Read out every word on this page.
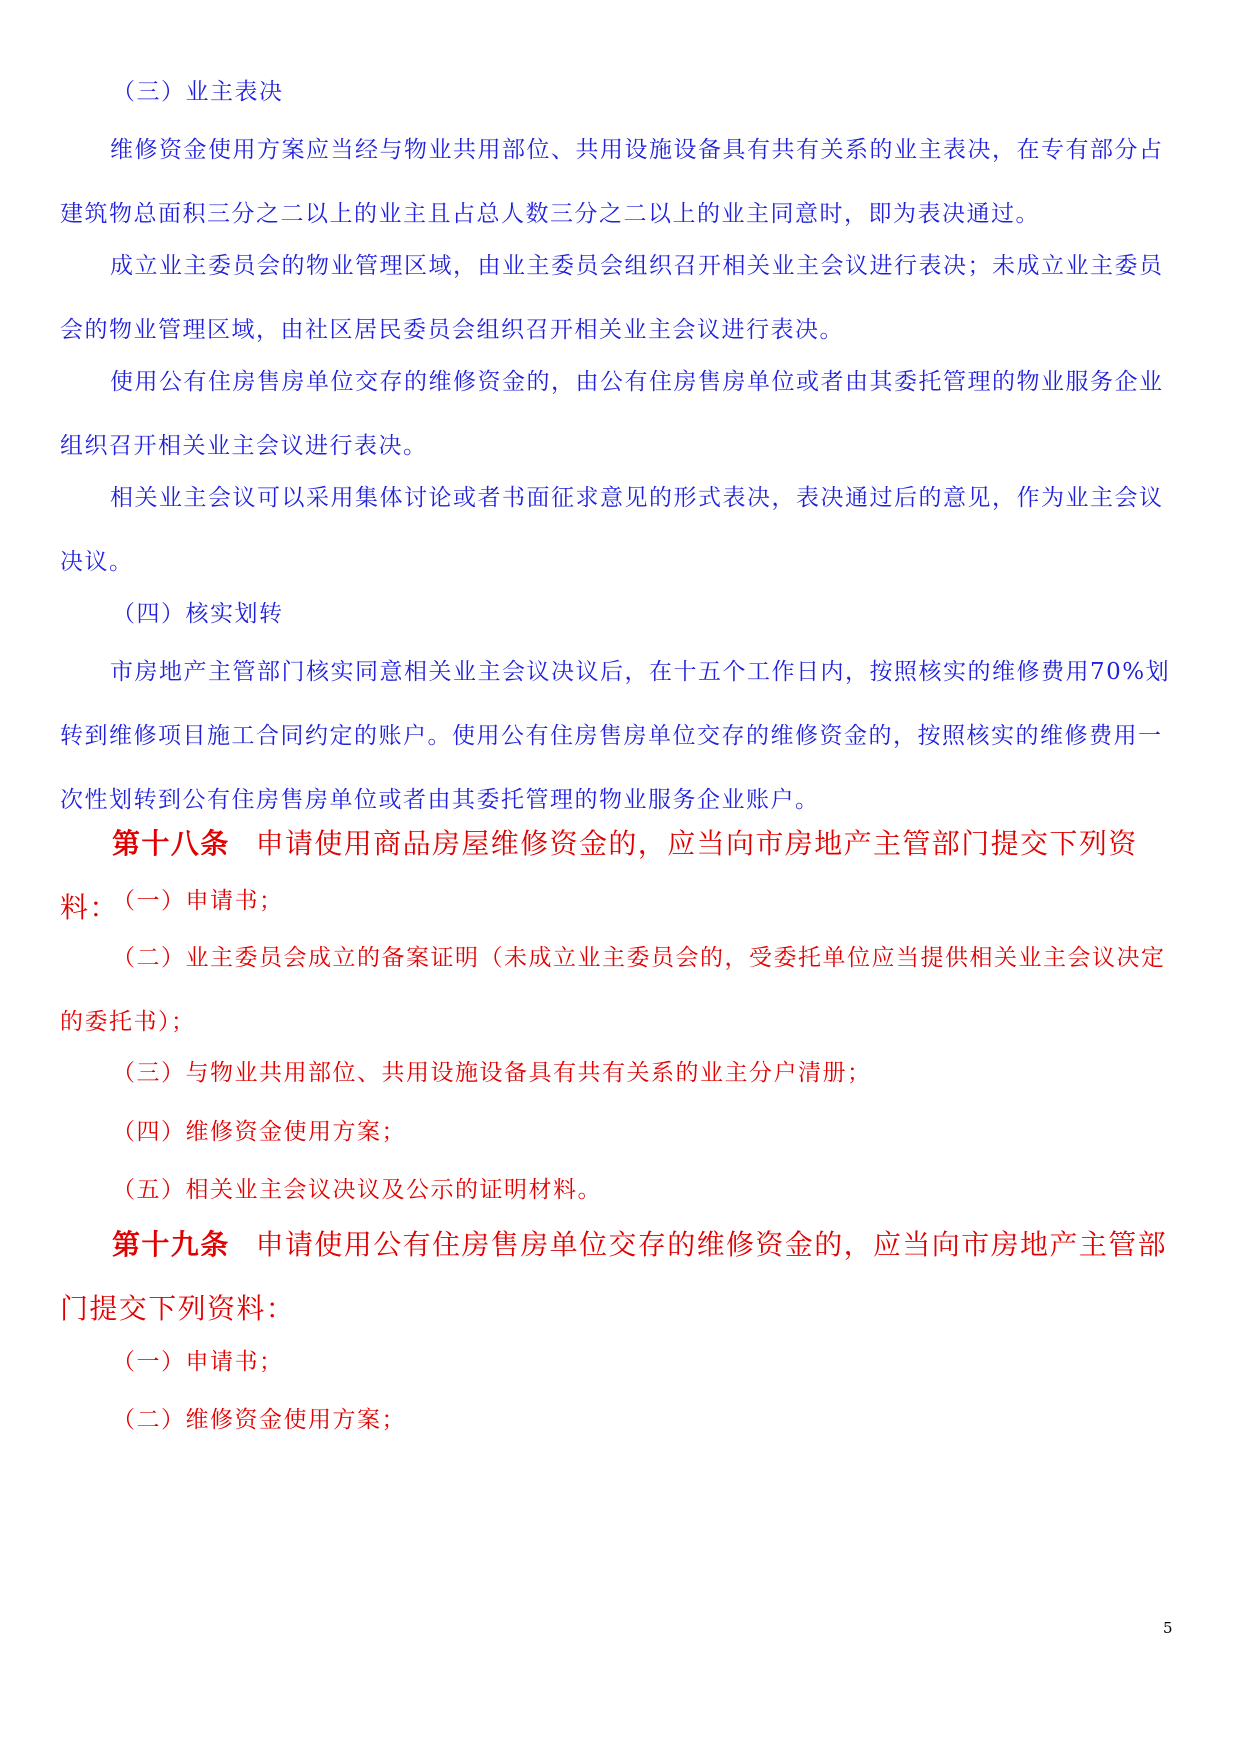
（三）业主表决

维修资金使用方案应当经与物业共用部位、共用设施设备具有共有关系的业主表决，在专有部分占建筑物总面积三分之二以上的业主且占总人数三分之二以上的业主同意时，即为表决通过。

成立业主委员会的物业管理区域，由业主委员会组织召开相关业主会议进行表决；未成立业主委员会的物业管理区域，由社区居民委员会组织召开相关业主会议进行表决。

使用公有住房售房单位交存的维修资金的，由公有住房售房单位或者由其委托管理的物业服务企业组织召开相关业主会议进行表决。

相关业主会议可以采用集体讨论或者书面征求意见的形式表决，表决通过后的意见，作为业主会议决议。

（四）核实划转

市房地产主管部门核实同意相关业主会议决议后，在十五个工作日内，按照核实的维修费用70%划转到维修项目施工合同约定的账户。使用公有住房售房单位交存的维修资金的，按照核实的维修费用一次性划转到公有住房售房单位或者由其委托管理的物业服务企业账户。

第十八条 申请使用商品房屋维修资金的，应当向市房地产主管部门提交下列资料：

（一）申请书；

（二）业主委员会成立的备案证明（未成立业主委员会的，受委托单位应当提供相关业主会议决定的委托书）；

（三）与物业共用部位、共用设施设备具有共有关系的业主分户清册；

（四）维修资金使用方案；

（五）相关业主会议决议及公示的证明材料。

第十九条 申请使用公有住房售房单位交存的维修资金的，应当向市房地产主管部门提交下列资料：

（一）申请书；

（二）维修资金使用方案；

5
